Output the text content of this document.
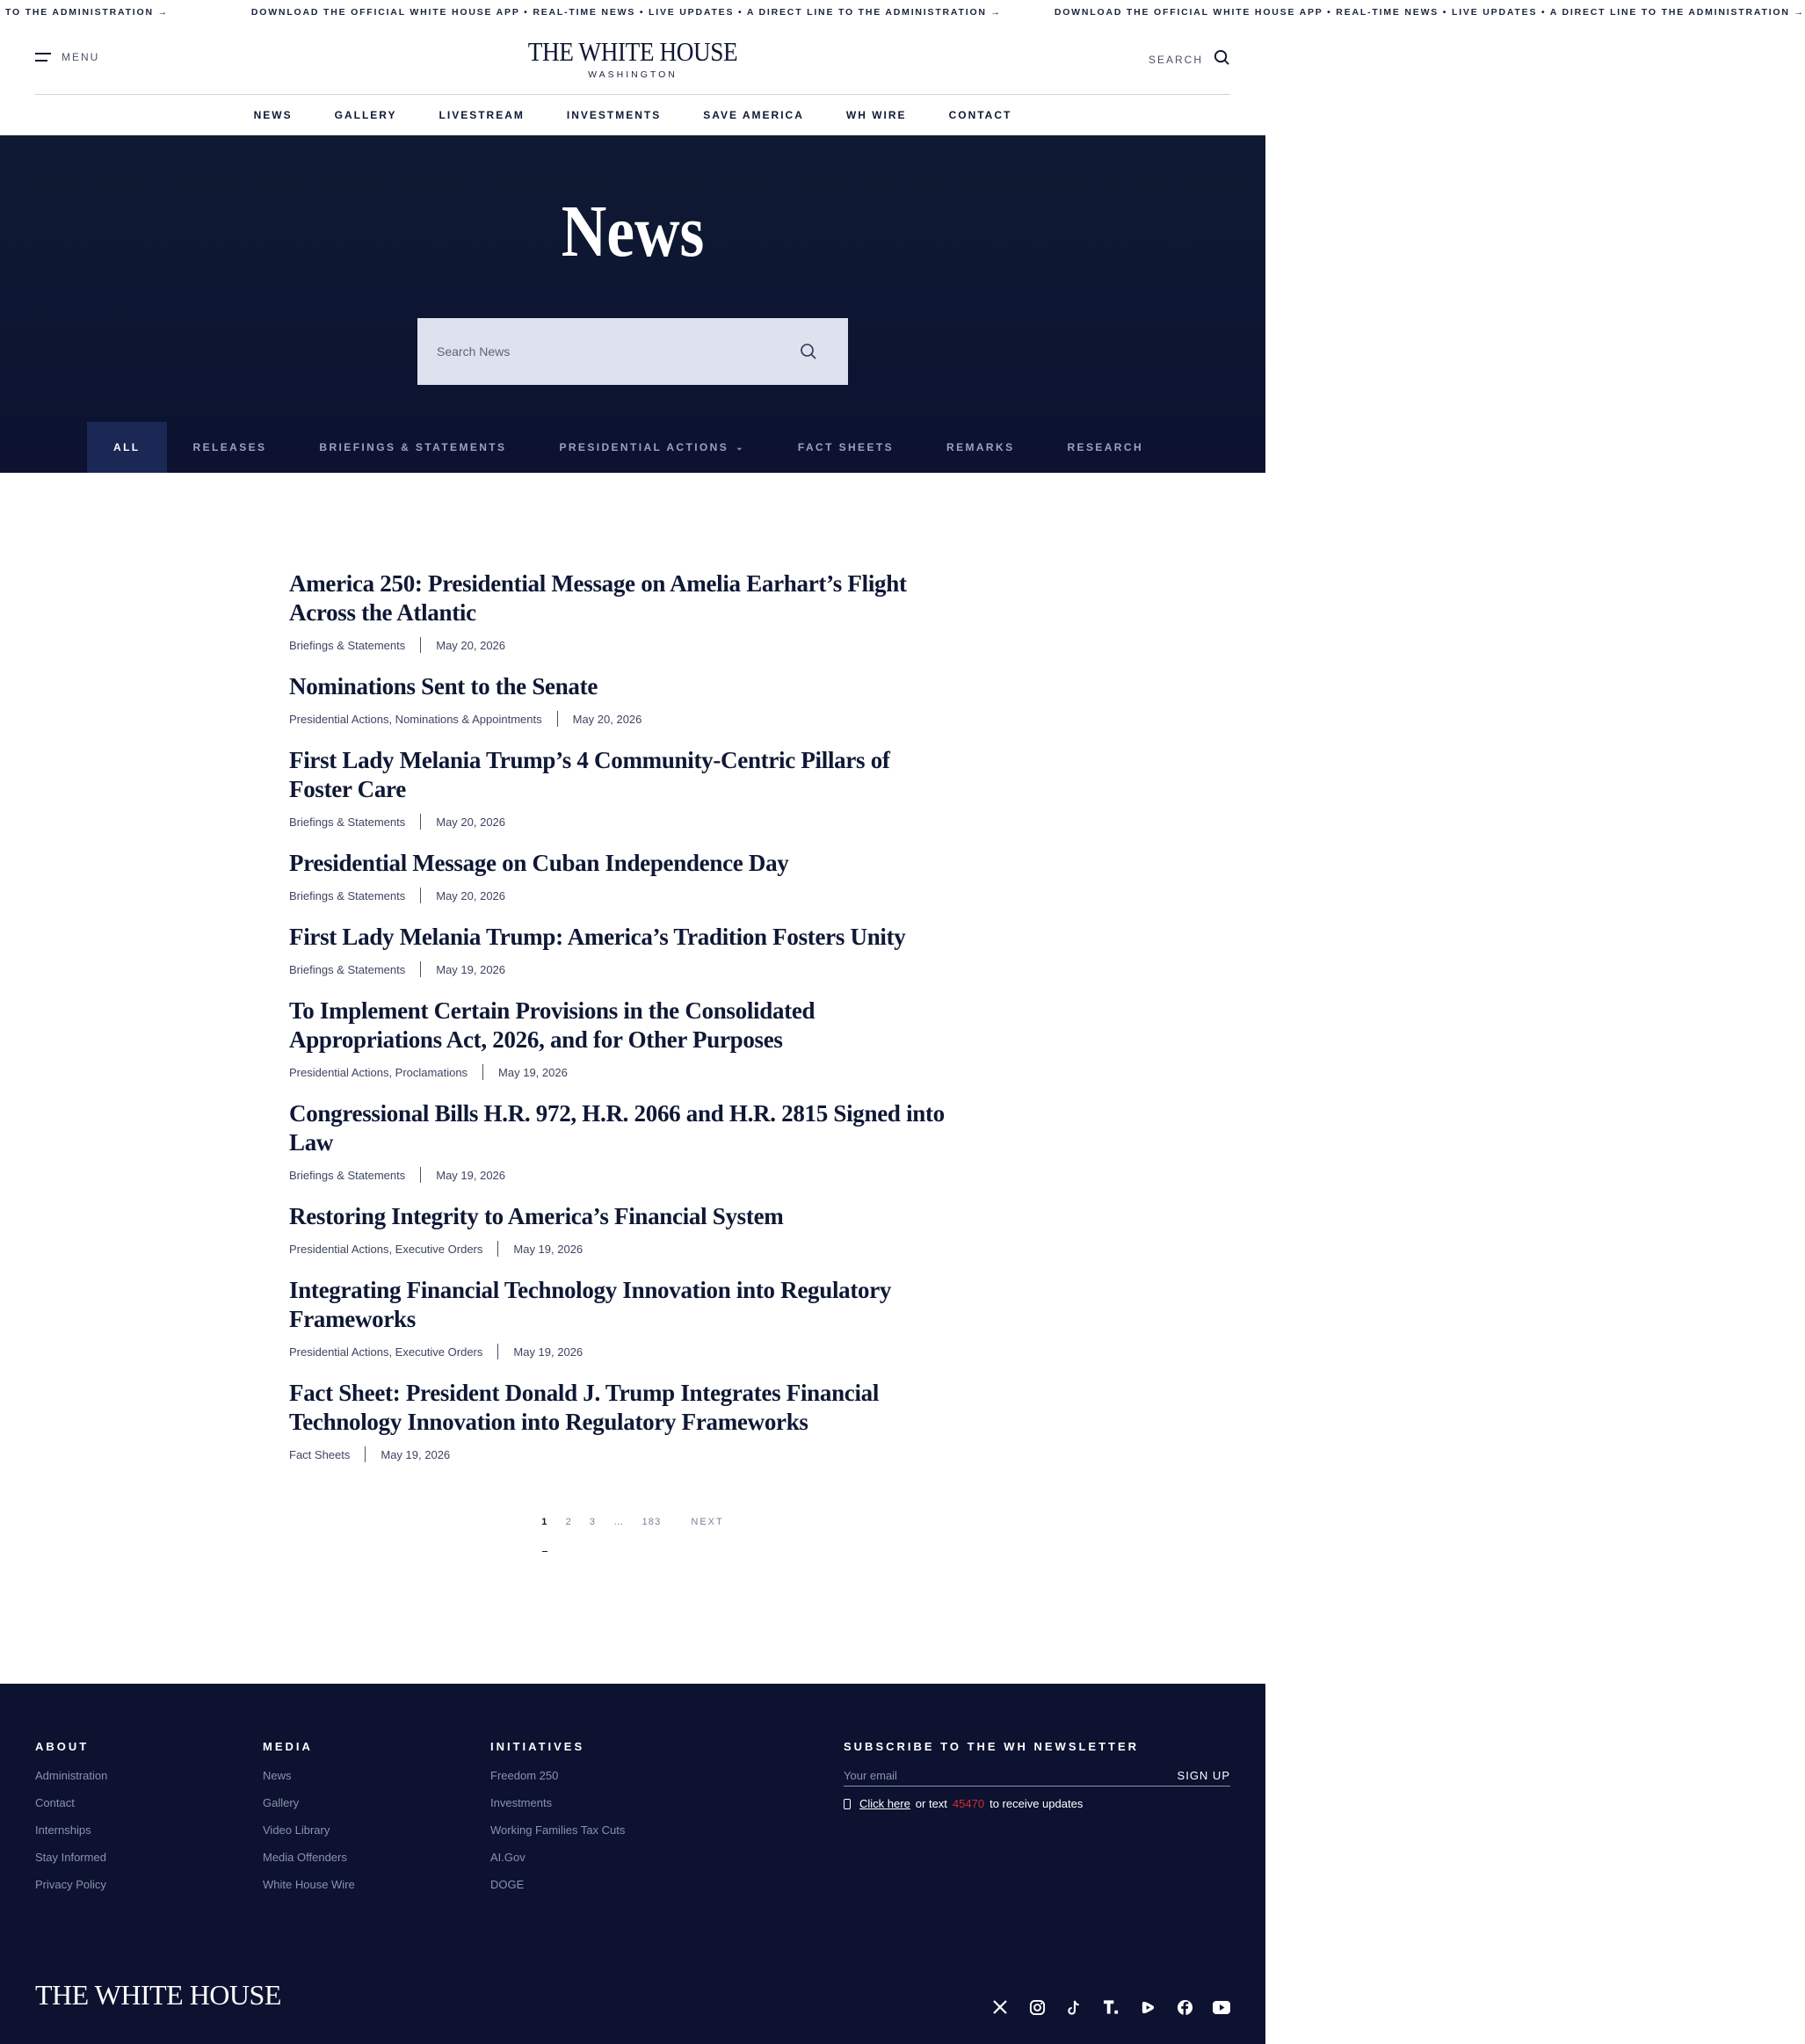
TO THE ADMINISTRATION →	DOWNLOAD THE OFFICIAL WHITE HOUSE APP • REAL-TIME NEWS • LIVE UPDATES • A DIRECT LINE TO THE ADMINISTRATION →	DOWNLOAD THE OFFICIAL WHITE HOUSE APP • REAL-TIME NEWS • LIVE UPDATES • A DIRECT LINE TO THE ADMINISTRATION →
MENU	THE WHITE HOUSE
WASHINGTON
SEARCH
NEWS	GALLERY	LIVESTREAM	INVESTMENTS	SAVE AMERICA	WH WIRE	CONTACT
News
Search News
ALL	RELEASES	BRIEFINGS & STATEMENTS	PRESIDENTIAL ACTIONS ⌄	FACT SHEETS	REMARKS	RESEARCH
America 250: Presidential Message on Amelia Earhart’s Flight Across the Atlantic
Briefings & Statements	May 20, 2026
Nominations Sent to the Senate
Presidential Actions, Nominations & Appointments	May 20, 2026
First Lady Melania Trump’s 4 Community-Centric Pillars of Foster Care
Briefings & Statements	May 20, 2026
Presidential Message on Cuban Independence Day
Briefings & Statements	May 20, 2026
First Lady Melania Trump: America’s Tradition Fosters Unity
Briefings & Statements	May 19, 2026
To Implement Certain Provisions in the Consolidated Appropriations Act, 2026, and for Other Purposes
Presidential Actions, Proclamations	May 19, 2026
Congressional Bills H.R. 972, H.R. 2066 and H.R. 2815 Signed into Law
Briefings & Statements	May 19, 2026
Restoring Integrity to America’s Financial System
Presidential Actions, Executive Orders	May 19, 2026
Integrating Financial Technology Innovation into Regulatory Frameworks
Presidential Actions, Executive Orders	May 19, 2026
Fact Sheet: President Donald J. Trump Integrates Financial Technology Innovation into Regulatory Frameworks
Fact Sheets	May 19, 2026
1 2 3 … 183	NEXT
ABOUT
Administration
Contact
Internships
Stay Informed
Privacy Policy
MEDIA
News
Gallery
Video Library
Media Offenders
White House Wire
INITIATIVES
Freedom 250
Investments
Working Families Tax Cuts
AI.Gov
DOGE
SUBSCRIBE TO THE WH NEWSLETTER
Your email
SIGN UP
Click here or text 45470 to receive updates
THE WHITE HOUSE
